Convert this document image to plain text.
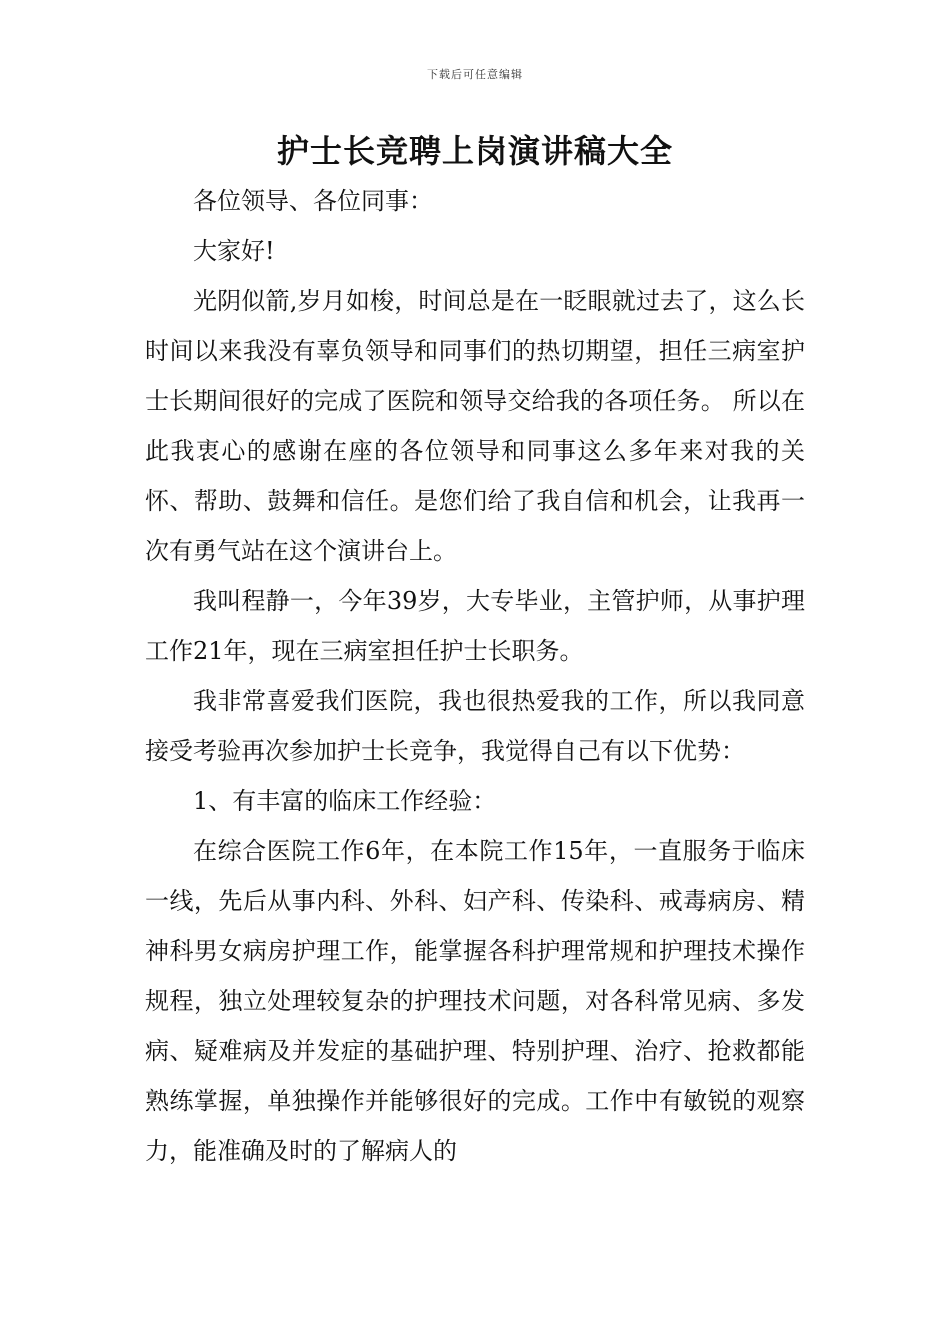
下载后可任意编辑
护士长竞聘上岗演讲稿大全

各位领导、各位同事：

大家好!

光阴似箭,岁月如梭，时间总是在一眨眼就过去了，这么长时间以来我没有辜负领导和同事们的热切期望，担任三病室护士长期间很好的完成了医院和领导交给我的各项任务。 所以在此我衷心的感谢在座的各位领导和同事这么多年来对我的关怀、帮助、鼓舞和信任。是您们给了我自信和机会，让我再一次有勇气站在这个演讲台上。

我叫程静一，今年39岁，大专毕业，主管护师，从事护理工作21年，现在三病室担任护士长职务。

我非常喜爱我们医院，我也很热爱我的工作，所以我同意接受考验再次参加护士长竞争，我觉得自己有以下优势：

1、有丰富的临床工作经验：

在综合医院工作6年，在本院工作15年，一直服务于临床一线，先后从事内科、外科、妇产科、传染科、戒毒病房、精神科男女病房护理工作，能掌握各科护理常规和护理技术操作规程，独立处理较复杂的护理技术问题，对各科常见病、多发病、疑难病及并发症的基础护理、特别护理、治疗、抢救都能熟练掌握，单独操作并能够很好的完成。工作中有敏锐的观察力，能准确及时的了解病人的
